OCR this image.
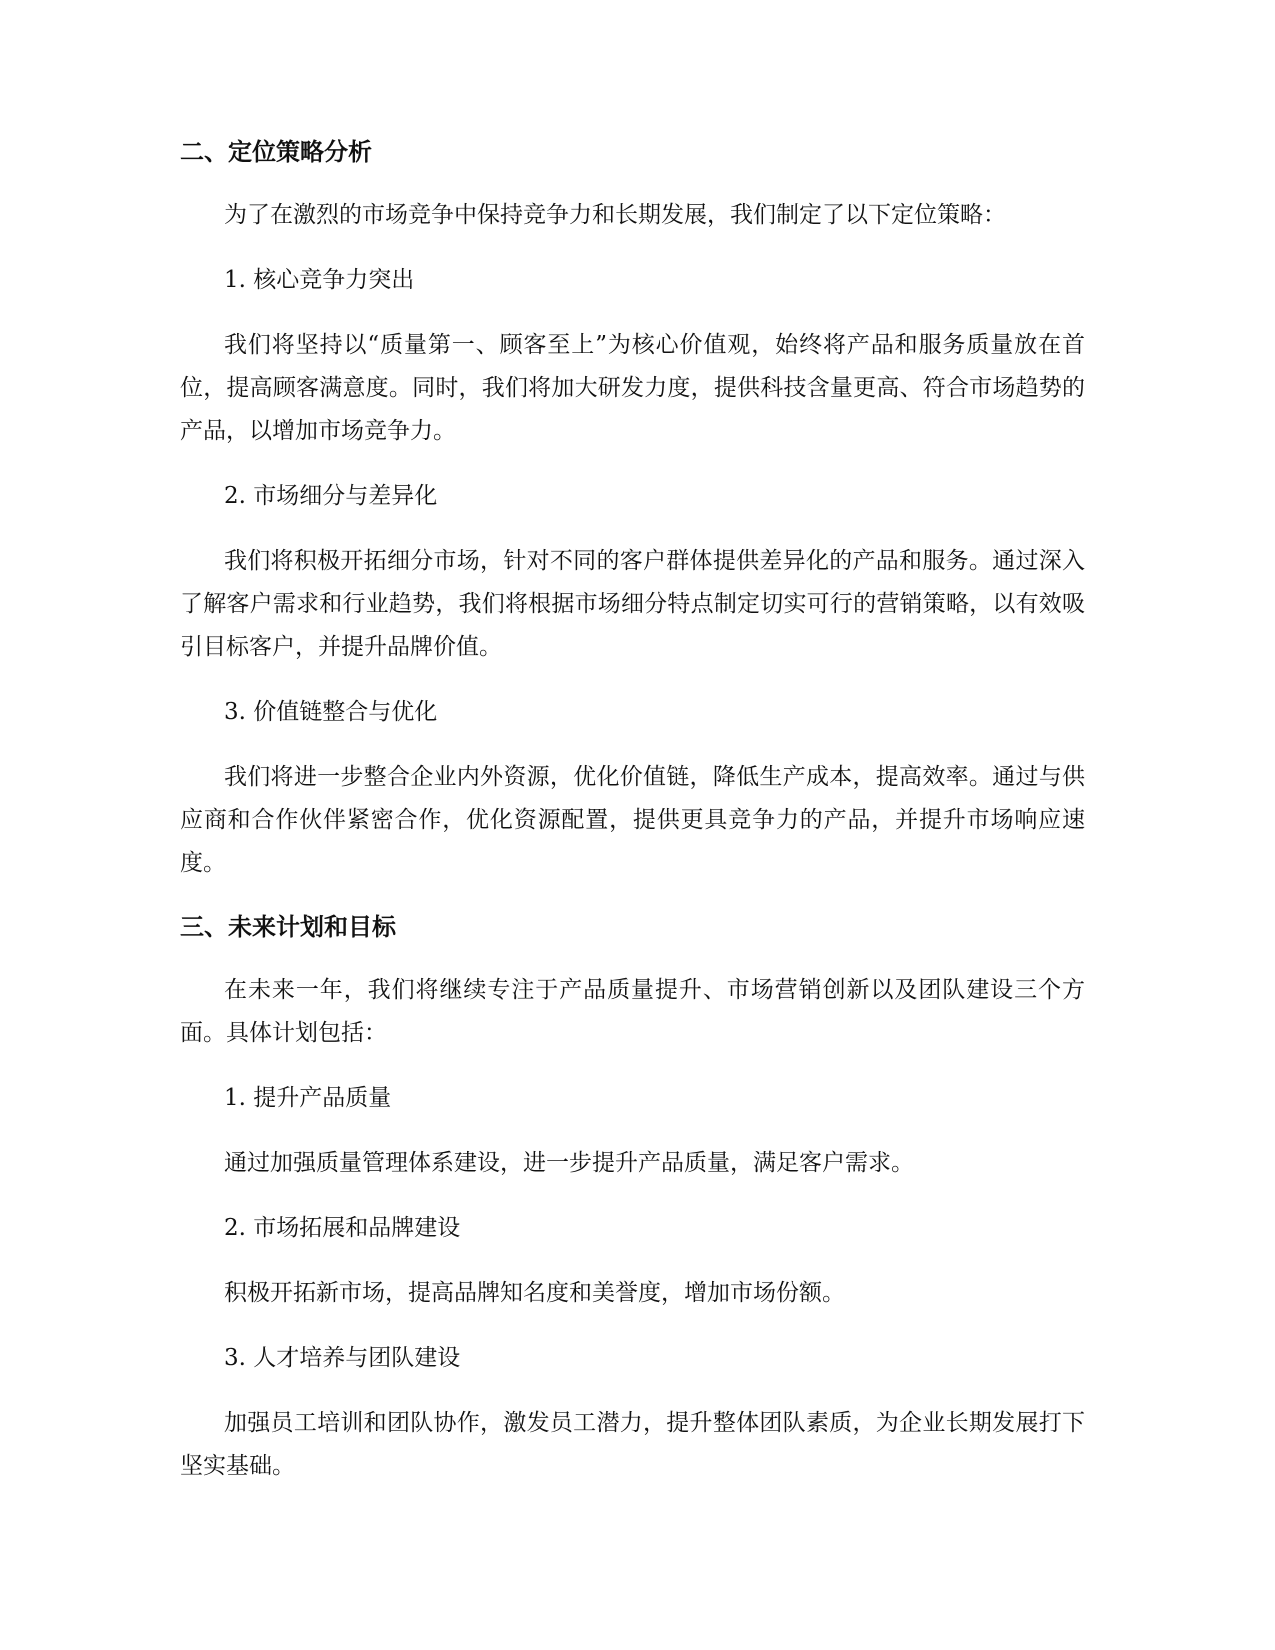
二、定位策略分析

为了在激烈的市场竞争中保持竞争力和长期发展，我们制定了以下定位策略：

1. 核心竞争力突出

我们将坚持以“质量第一、顾客至上”为核心价值观，始终将产品和服务质量放在首位，提高顾客满意度。同时，我们将加大研发力度，提供科技含量更高、符合市场趋势的产品，以增加市场竞争力。

2. 市场细分与差异化

我们将积极开拓细分市场，针对不同的客户群体提供差异化的产品和服务。通过深入了解客户需求和行业趋势，我们将根据市场细分特点制定切实可行的营销策略，以有效吸引目标客户，并提升品牌价值。

3. 价值链整合与优化

我们将进一步整合企业内外资源，优化价值链，降低生产成本，提高效率。通过与供应商和合作伙伴紧密合作，优化资源配置，提供更具竞争力的产品，并提升市场响应速度。

三、未来计划和目标

在未来一年，我们将继续专注于产品质量提升、市场营销创新以及团队建设三个方面。具体计划包括：

1. 提升产品质量

通过加强质量管理体系建设，进一步提升产品质量，满足客户需求。

2. 市场拓展和品牌建设

积极开拓新市场，提高品牌知名度和美誉度，增加市场份额。

3. 人才培养与团队建设

加强员工培训和团队协作，激发员工潜力，提升整体团队素质，为企业长期发展打下坚实基础。
